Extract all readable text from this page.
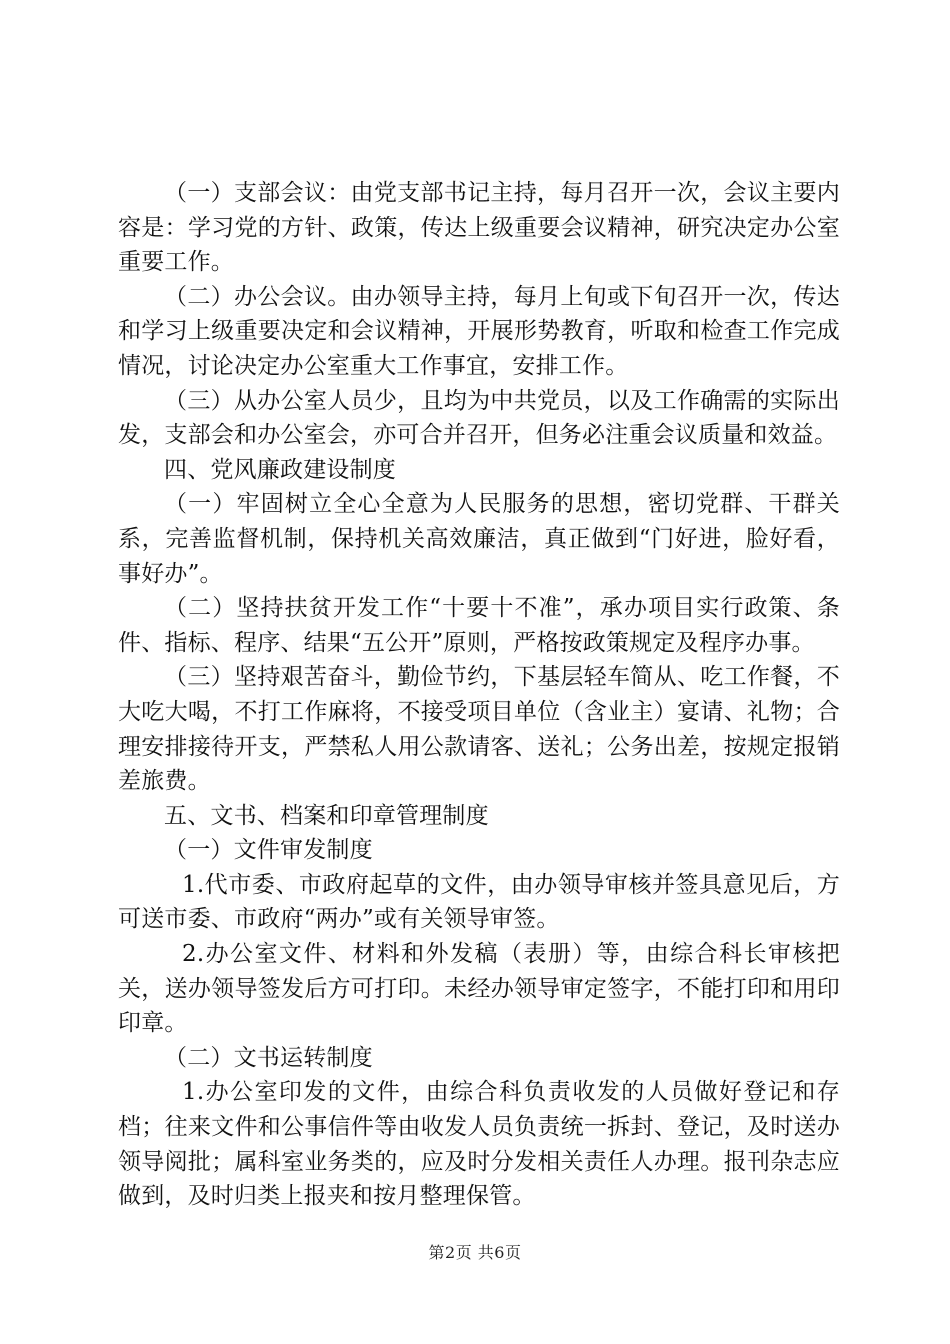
（一）支部会议：由党支部书记主持，每月召开一次，会议主要内容是：学习党的方针、政策，传达上级重要会议精神，研究决定办公室重要工作。

（二）办公会议。由办领导主持，每月上旬或下旬召开一次，传达和学习上级重要决定和会议精神，开展形势教育，听取和检查工作完成情况，讨论决定办公室重大工作事宜，安排工作。

（三）从办公室人员少，且均为中共党员，以及工作确需的实际出发，支部会和办公室会，亦可合并召开，但务必注重会议质量和效益。

四、党风廉政建设制度

（一）牢固树立全心全意为人民服务的思想，密切党群、干群关系，完善监督机制，保持机关高效廉洁，真正做到“门好进，脸好看，事好办”。

（二）坚持扶贫开发工作“十要十不准”，承办项目实行政策、条件、指标、程序、结果“五公开”原则，严格按政策规定及程序办事。

（三）坚持艰苦奋斗，勤俭节约，下基层轻车简从、吃工作餐，不大吃大喝，不打工作麻将，不接受项目单位（含业主）宴请、礼物；合理安排接待开支，严禁私人用公款请客、送礼；公务出差，按规定报销差旅费。

五、文书、档案和印章管理制度

（一）文件审发制度

1.代市委、市政府起草的文件，由办领导审核并签具意见后，方可送市委、市政府“两办”或有关领导审签。

2.办公室文件、材料和外发稿（表册）等，由综合科长审核把关，送办领导签发后方可打印。未经办领导审定签字，不能打印和用印印章。

（二）文书运转制度

1.办公室印发的文件，由综合科负责收发的人员做好登记和存档；往来文件和公事信件等由收发人员负责统一拆封、登记，及时送办领导阅批；属科室业务类的，应及时分发相关责任人办理。报刊杂志应做到，及时归类上报夹和按月整理保管。

第2页 共6页
